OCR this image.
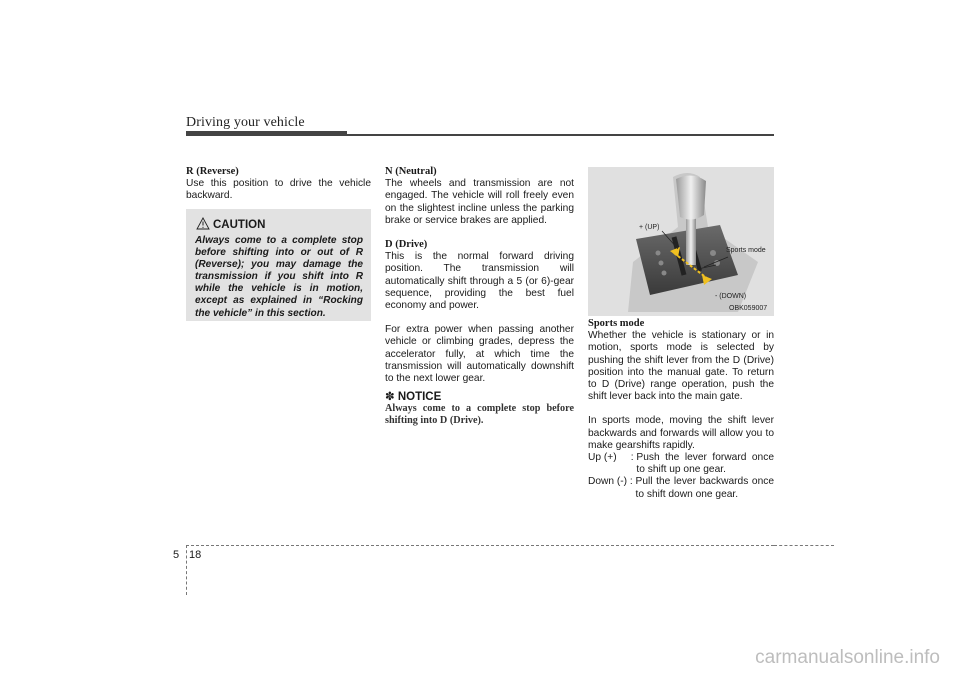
Driving your vehicle

R (Reverse)

Use this position to drive the vehicle backward.

CAUTION
Always come to a complete stop before shifting into or out of R (Reverse); you may damage the transmission if you shift into R while the vehicle is in motion, except as explained in “Rocking the vehicle” in this section.

N (Neutral)

The wheels and transmission are not engaged. The vehicle will roll freely even on the slightest incline unless the parking brake or service brakes are applied.

D (Drive)

This is the normal forward driving position. The transmission will automatically shift through a 5 (or 6)-gear sequence, providing the best fuel economy and power.

For extra power when passing another vehicle or climbing grades, depress the accelerator fully, at which time the transmission will automatically downshift to the next lower gear.

✽ NOTICE
Always come to a complete stop before shifting into D (Drive).
+ (UP)
Sports mode
- (DOWN)
OBK059007

Sports mode

Whether the vehicle is stationary or in motion, sports mode is selected by pushing the shift lever from the D (Drive) position into the manual gate. To return to D (Drive) range operation, push the shift lever back into the main gate.

In sports mode, moving the shift lever backwards and forwards will allow you to make gearshifts rapidly.

Up (+)     : Push the lever forward once to shift up one gear.
Down (-) : Pull the lever backwards once to shift down one gear.
5 18
carmanualsonline.info
